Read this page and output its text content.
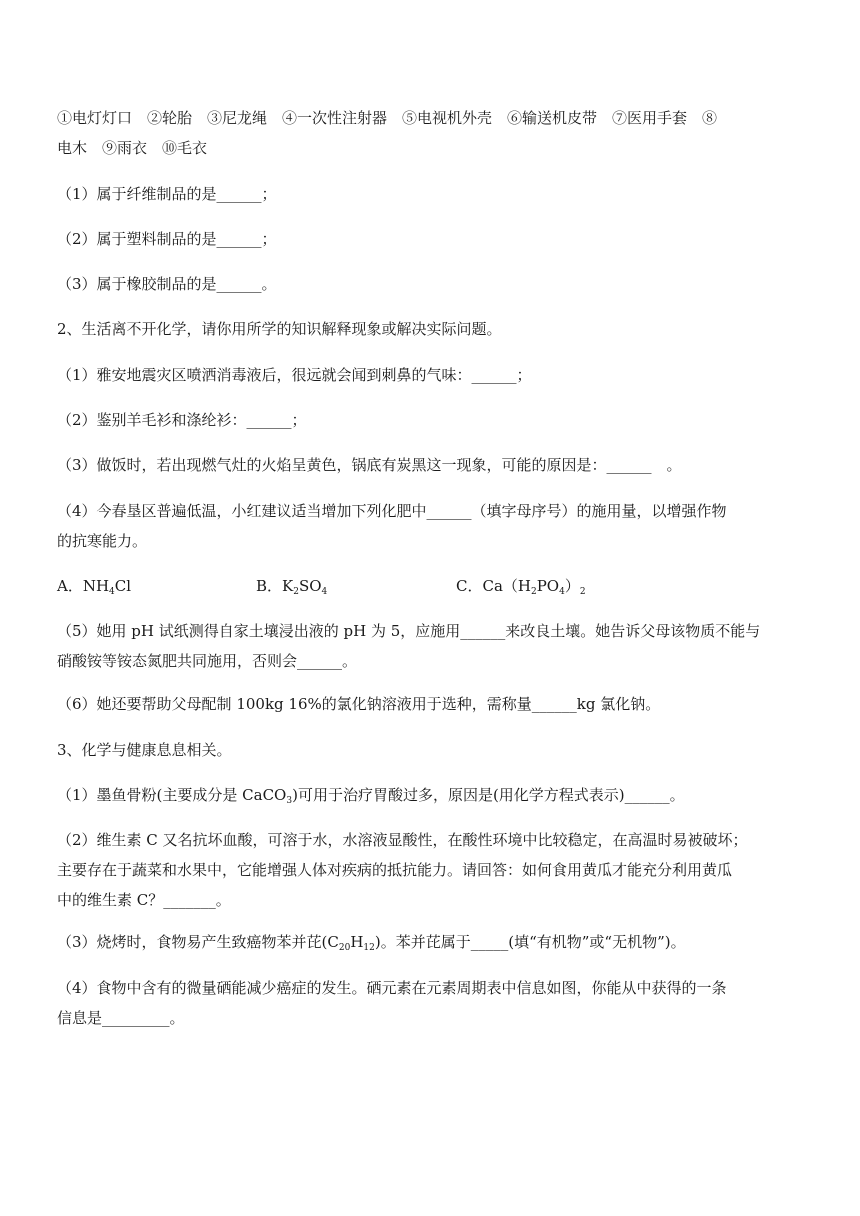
①电灯灯口　②轮胎　③尼龙绳　④一次性注射器　⑤电视机外壳　⑥输送机皮带　⑦医用手套　⑧
电木　⑨雨衣　⑩毛衣
（1）属于纤维制品的是______；
（2）属于塑料制品的是______；
（3）属于橡胶制品的是______。
2、生活离不开化学，请你用所学的知识解释现象或解决实际问题。
（1）雅安地震灾区喷洒消毒液后，很远就会闻到刺鼻的气味：______；
（2）鉴别羊毛衫和涤纶衫：______；
（3）做饭时，若出现燃气灶的火焰呈黄色，锅底有炭黑这一现象，可能的原因是：______　。
（4）今春垦区普遍低温，小红建议适当增加下列化肥中______（填字母序号）的施用量，以增强作物
的抗寒能力。
A．$NH_4Cl$	B．$K_2SO_4$	C．$Ca(H_2PO_4)_2$
（5）她用 pH 试纸测得自家土壤浸出液的 pH 为 5，应施用______来改良土壤。她告诉父母该物质不能与
硝酸铵等铵态氮肥共同施用，否则会______。
（6）她还要帮助父母配制 100kg 16%的氯化钠溶液用于选种，需称量______kg 氯化钠。
3、化学与健康息息相关。
（1）墨鱼骨粉(主要成分是 CaCO$_3$)可用于治疗胃酸过多，原因是(用化学方程式表示)______。
（2）维生素 C 又名抗坏血酸，可溶于水，水溶液显酸性，在酸性环境中比较稳定，在高温时易被破坏；
主要存在于蔬菜和水果中，它能增强人体对疾病的抵抗能力。请回答：如何食用黄瓜才能充分利用黄瓜
中的维生素 C？_______。
（3）烧烤时，食物易产生致癌物苯并芘$(C_{20}H_{12})$。苯并芘属于_____(填“有机物”或“无机物”)。
（4）食物中含有的微量硒能减少癌症的发生。硒元素在元素周期表中信息如图，你能从中获得的一条
信息是_________。
